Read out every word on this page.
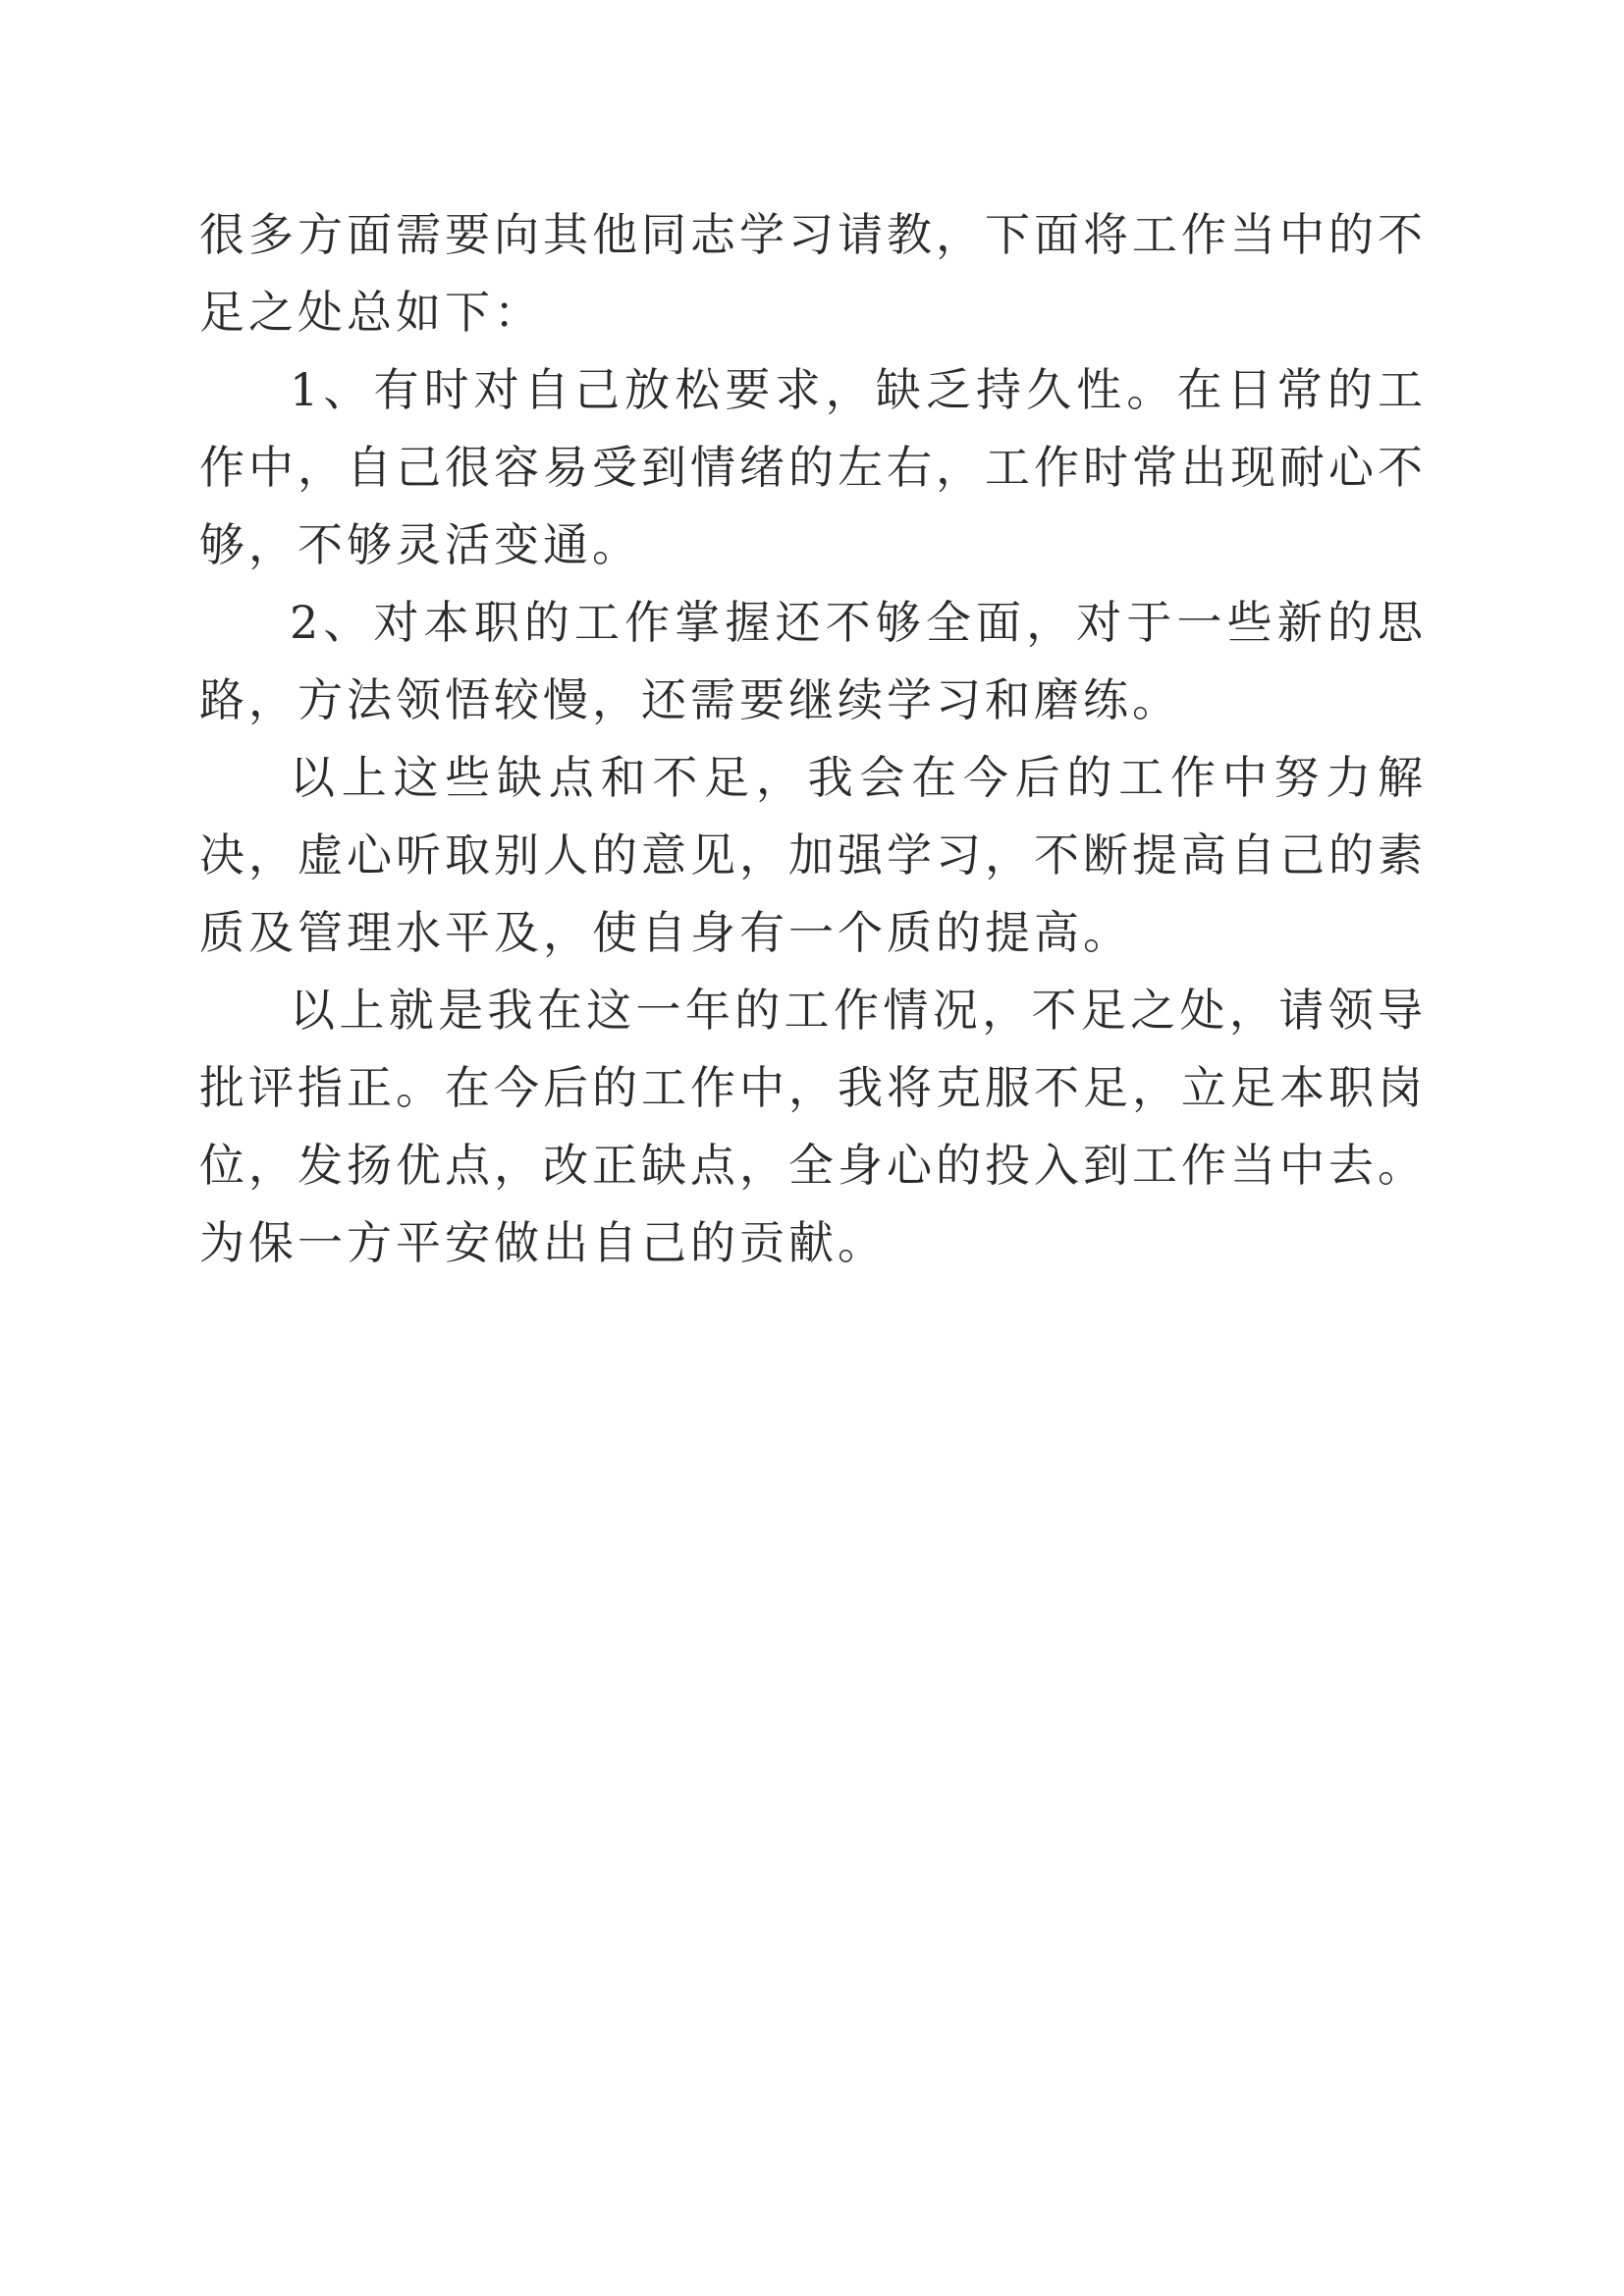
很多方面需要向其他同志学习请教，下面将工作当中的不足之处总如下：

1、有时对自己放松要求，缺乏持久性。在日常的工作中，自己很容易受到情绪的左右，工作时常出现耐心不够，不够灵活变通。

2、对本职的工作掌握还不够全面，对于一些新的思路，方法领悟较慢，还需要继续学习和磨练。

以上这些缺点和不足，我会在今后的工作中努力解决，虚心听取别人的意见，加强学习，不断提高自己的素质及管理水平及，使自身有一个质的提高。

以上就是我在这一年的工作情况，不足之处，请领导批评指正。在今后的工作中，我将克服不足，立足本职岗位，发扬优点，改正缺点，全身心的投入到工作当中去。为保一方平安做出自己的贡献。
